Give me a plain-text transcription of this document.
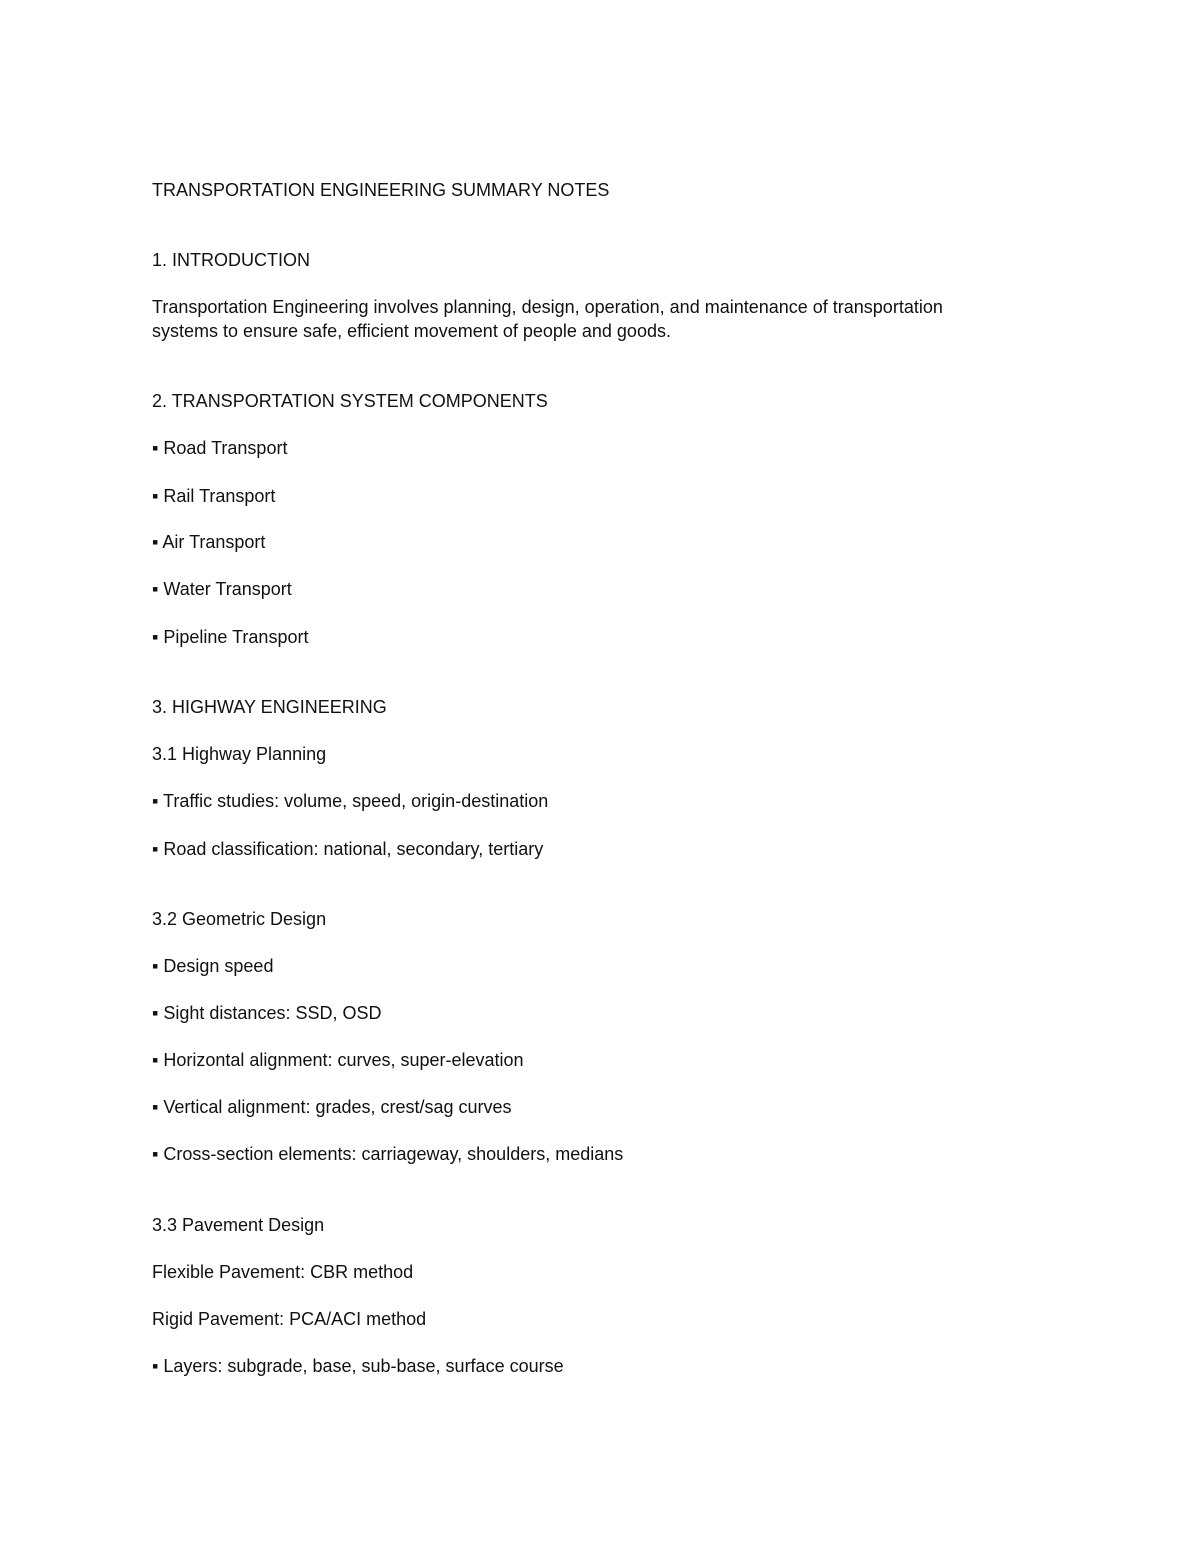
TRANSPORTATION ENGINEERING SUMMARY NOTES

1. INTRODUCTION

Transportation Engineering involves planning, design, operation, and maintenance of transportation
systems to ensure safe, efficient movement of people and goods.

2. TRANSPORTATION SYSTEM COMPONENTS

▪ Road Transport

▪ Rail Transport

▪ Air Transport

▪ Water Transport

▪ Pipeline Transport

3. HIGHWAY ENGINEERING

3.1 Highway Planning

▪ Traffic studies: volume, speed, origin-destination

▪ Road classification: national, secondary, tertiary

3.2 Geometric Design

▪ Design speed

▪ Sight distances: SSD, OSD

▪ Horizontal alignment: curves, super-elevation

▪ Vertical alignment: grades, crest/sag curves

▪ Cross-section elements: carriageway, shoulders, medians

3.3 Pavement Design

Flexible Pavement: CBR method

Rigid Pavement: PCA/ACI method

▪ Layers: subgrade, base, sub-base, surface course
